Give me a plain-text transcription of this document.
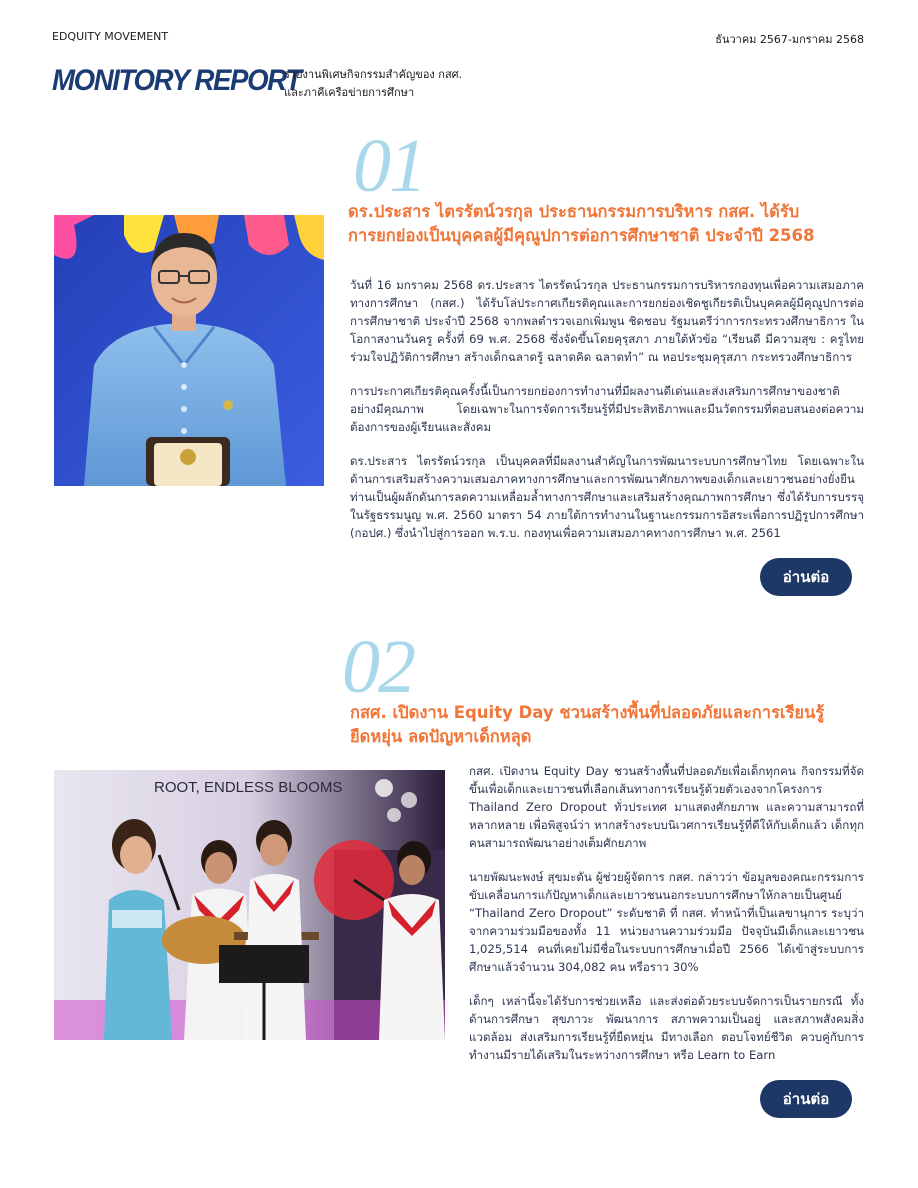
EDQUITY MOVEMENT	ธันวาคม 2567-มกราคม 2568
MONITORY REPORT
รายงานพิเศษกิจกรรมสำคัญของ กสศ.
และภาคีเครือข่ายการศึกษา
01
ดร.ประสาร ไตรรัตน์วรกุล ประธานกรรมการบริหาร กสศ. ได้รับ
การยกย่องเป็นบุคคลผู้มีคุณูปการต่อการศึกษาชาติ ประจำปี 2568

วันที่ 16 มกราคม 2568 ดร.ประสาร ไตรรัตน์วรกุล ประธานกรรมการบริหารกองทุนเพื่อความเสมอภาคทางการศึกษา (กสศ.) ได้รับโล่ประกาศเกียรติคุณและการยกย่องเชิดชูเกียรติเป็นบุคคลผู้มีคุณูปการต่อการศึกษาชาติ ประจำปี 2568 จากพลตำรวจเอกเพิ่มพูน ชิดชอบ รัฐมนตรีว่าการกระทรวงศึกษาธิการ ในโอกาสงานวันครู ครั้งที่ 69 พ.ศ. 2568 ซึ่งจัดขึ้นโดยคุรุสภา ภายใต้หัวข้อ “เรียนดี มีความสุข : ครูไทยร่วมใจปฏิวัติการศึกษา สร้างเด็กฉลาดรู้ ฉลาดคิด ฉลาดทำ” ณ หอประชุมคุรุสภา กระทรวงศึกษาธิการ

การประกาศเกียรติคุณครั้งนี้เป็นการยกย่องการทำงานที่มีผลงานดีเด่นและส่งเสริมการศึกษาของชาติอย่างมีคุณภาพ โดยเฉพาะในการจัดการเรียนรู้ที่มีประสิทธิภาพและมีนวัตกรรมที่ตอบสนองต่อความต้องการของผู้เรียนและสังคม

ดร.ประสาร ไตรรัตน์วรกุล เป็นบุคคลที่มีผลงานสำคัญในการพัฒนาระบบการศึกษาไทย โดยเฉพาะในด้านการเสริมสร้างความเสมอภาคทางการศึกษาและการพัฒนาศักยภาพของเด็กและเยาวชนอย่างยั่งยืน ท่านเป็นผู้ผลักดันการลดความเหลื่อมล้ำทางการศึกษาและเสริมสร้างคุณภาพการศึกษา ซึ่งได้รับการบรรจุในรัฐธรรมนูญ พ.ศ. 2560 มาตรา 54 ภายใต้การทำงานในฐานะกรรมการอิสระเพื่อการปฏิรูปการศึกษา (กอปศ.) ซึ่งนำไปสู่การออก พ.ร.บ. กองทุนเพื่อความเสมอภาคทางการศึกษา พ.ศ. 2561

อ่านต่อ
02
กสศ. เปิดงาน Equity Day ชวนสร้างพื้นที่ปลอดภัยและการเรียนรู้
ยืดหยุ่น ลดปัญหาเด็กหลุด
ROOT, ENDLESS BLOOMS

กสศ. เปิดงาน Equity Day ชวนสร้างพื้นที่ปลอดภัยเพื่อเด็กทุกคน กิจกรรมที่จัดขึ้นเพื่อเด็กและเยาวชนที่เลือกเส้นทางการเรียนรู้ด้วยตัวเองจากโครงการ Thailand Zero Dropout ทั่วประเทศ มาแสดงศักยภาพ และความสามารถที่หลากหลาย เพื่อพิสูจน์ว่า หากสร้างระบบนิเวศการเรียนรู้ที่ดีให้กับเด็กแล้ว เด็กทุกคนสามารถพัฒนาอย่างเต็มศักยภาพ

นายพัฒนะพงษ์ สุขมะดัน ผู้ช่วยผู้จัดการ กสศ. กล่าวว่า ข้อมูลของคณะกรรมการขับเคลื่อนการแก้ปัญหาเด็กและเยาวชนนอกระบบการศึกษาให้กลายเป็นศูนย์ “Thailand Zero Dropout” ระดับชาติ ที่ กสศ. ทำหน้าที่เป็นเลขานุการ ระบุว่าจากความร่วมมือของทั้ง 11 หน่วยงานความร่วมมือ ปัจจุบันมีเด็กและเยาวชน 1,025,514 คนที่เคยไม่มีชื่อในระบบการศึกษาเมื่อปี 2566 ได้เข้าสู่ระบบการศึกษาแล้วจำนวน 304,082 คน หรือราว 30%

เด็กๆ เหล่านี้จะได้รับการช่วยเหลือ และส่งต่อด้วยระบบจัดการเป็นรายกรณี ทั้งด้านการศึกษา สุขภาวะ พัฒนาการ สภาพความเป็นอยู่ และสภาพสังคมสิ่งแวดล้อม ส่งเสริมการเรียนรู้ที่ยืดหยุ่น มีทางเลือก ตอบโจทย์ชีวิต ควบคู่กับการทำงานมีรายได้เสริมในระหว่างการศึกษา หรือ Learn to Earn

อ่านต่อ
